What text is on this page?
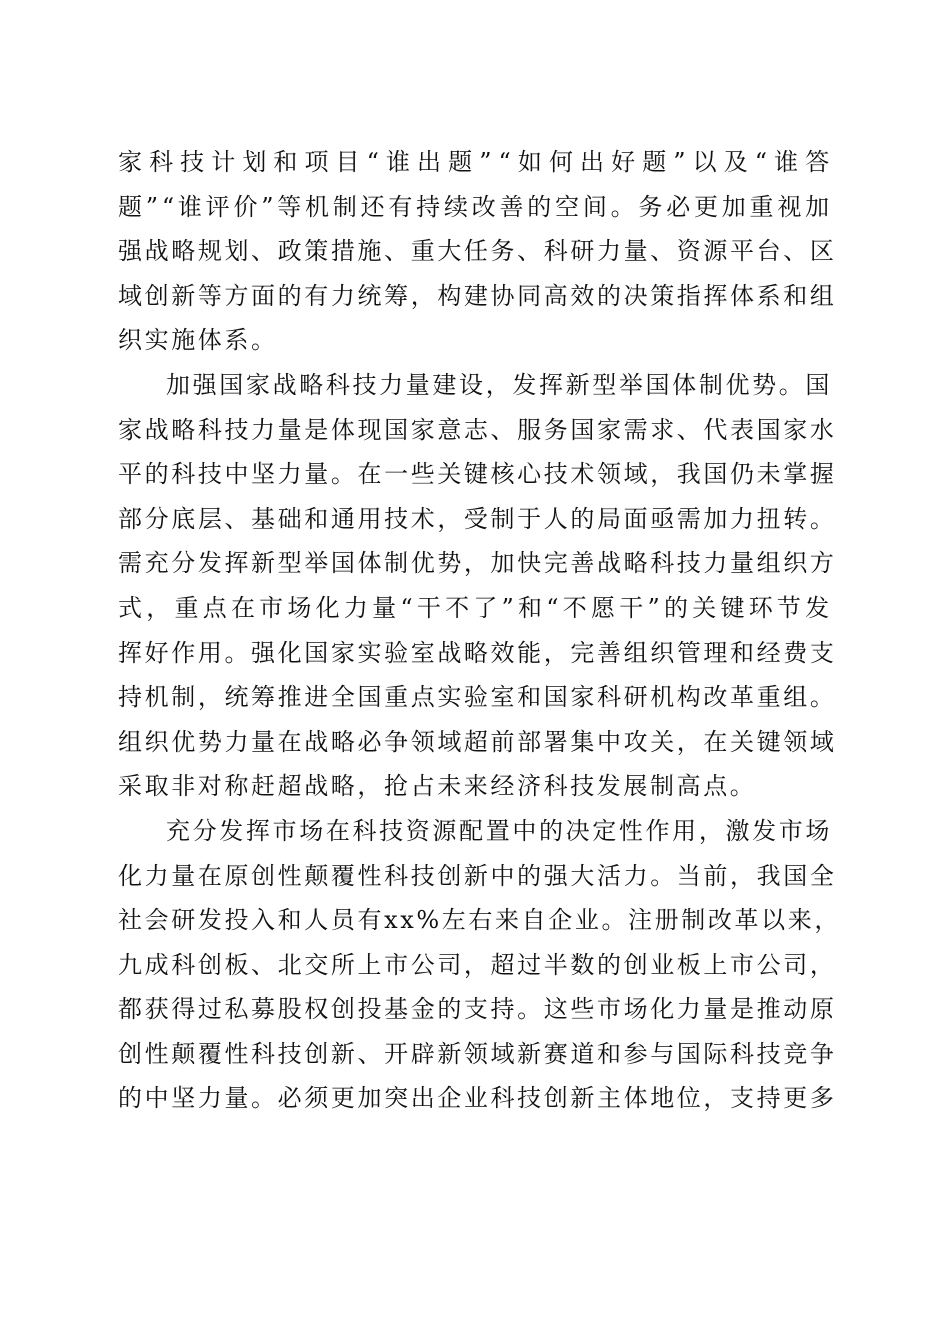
家 科 技 计 划 和 项 目 “ 谁 出 题 ” “ 如 何 出 好 题 ” 以 及 “ 谁 答
题 ” “ 谁 评 价 ” 等 机 制 还 有 持 续 改 善 的 空 间 。 务 必 更 加 重 视 加
强 战 略 规 划 、 政 策 措 施 、 重 大 任 务 、 科 研 力 量 、 资 源 平 台 、 区
域 创 新 等 方 面 的 有 力 统 筹 ， 构 建 协 同 高 效 的 决 策 指 挥 体 系 和 组
织实施体系。
加 强 国 家 战 略 科 技 力 量 建 设 ， 发 挥 新 型 举 国 体 制 优 势 。 国
家 战 略 科 技 力 量 是 体 现 国 家 意 志 、 服 务 国 家 需 求 、 代 表 国 家 水
平 的 科 技 中 坚 力 量 。 在 一 些 关 键 核 心 技 术 领 域 ， 我 国 仍 未 掌 握
部 分 底 层 、 基 础 和 通 用 技 术 ， 受 制 于 人 的 局 面 亟 需 加 力 扭 转 。
需 充 分 发 挥 新 型 举 国 体 制 优 势 ， 加 快 完 善 战 略 科 技 力 量 组 织 方
式 ， 重 点 在 市 场 化 力 量 “ 干 不 了 ” 和 “ 不 愿 干 ” 的 关 键 环 节 发
挥 好 作 用 。 强 化 国 家 实 验 室 战 略 效 能 ， 完 善 组 织 管 理 和 经 费 支
持 机 制 ， 统 筹 推 进 全 国 重 点 实 验 室 和 国 家 科 研 机 构 改 革 重 组 。
组 织 优 势 力 量 在 战 略 必 争 领 域 超 前 部 署 集 中 攻 关 ， 在 关 键 领 域
采取非对称赶超战略，抢占未来经济科技发展制高点。
充 分 发 挥 市 场 在 科 技 资 源 配 置 中 的 决 定 性 作 用 ， 激 发 市 场
化 力 量 在 原 创 性 颠 覆 性 科 技 创 新 中 的 强 大 活 力 。 当 前 ， 我 国 全
社 会 研 发 投 入 和 人 员 有 xx% 左 右 来 自 企 业 。 注 册 制 改 革 以 来 ，
九 成 科 创 板 、 北 交 所 上 市 公 司 ， 超 过 半 数 的 创 业 板 上 市 公 司 ，
都 获 得 过 私 募 股 权 创 投 基 金 的 支 持 。 这 些 市 场 化 力 量 是 推 动 原
创 性 颠 覆 性 科 技 创 新 、 开 辟 新 领 域 新 赛 道 和 参 与 国 际 科 技 竞 争
的 中 坚 力 量 。 必 须 更 加 突 出 企 业 科 技 创 新 主 体 地 位 ， 支 持 更 多
